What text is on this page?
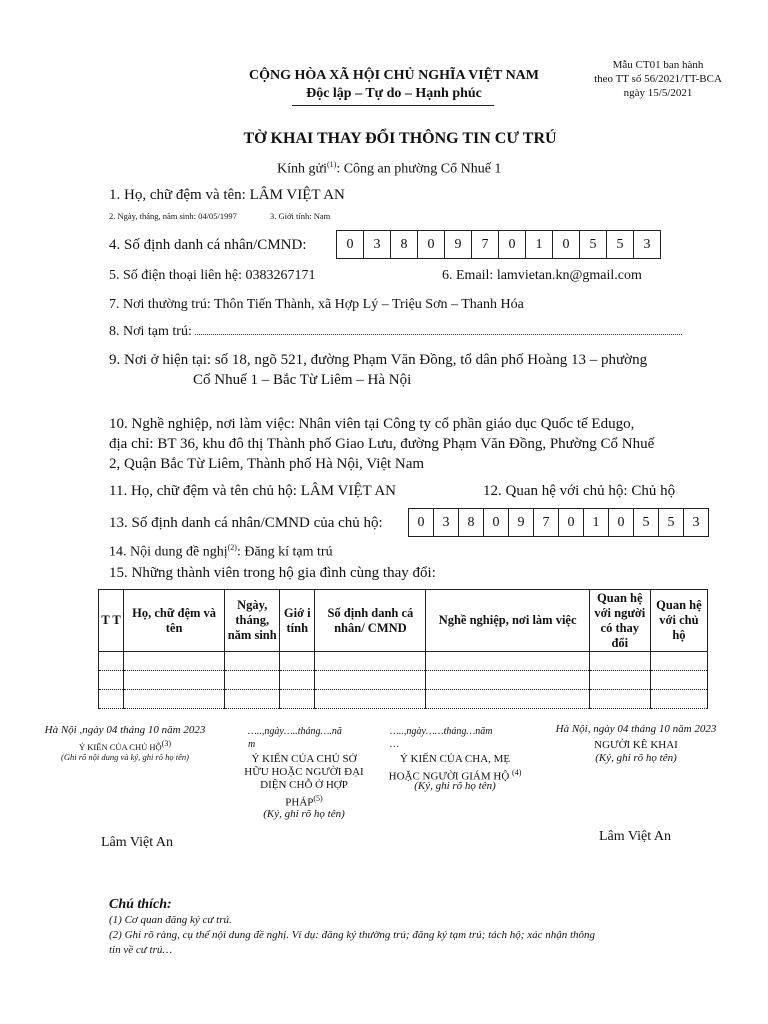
CỘNG HÒA XÃ HỘI CHỦ NGHĨA VIỆT NAM
Độc lập – Tự do – Hạnh phúc
Mẫu CT01 ban hành
theo TT số 56/2021/TT-BCA
ngày 15/5/2021
TỜ KHAI THAY ĐỔI THÔNG TIN CƯ TRÚ
Kính gửi$^{(1)}$: Công an phường Cổ Nhuế 1
1. Họ, chữ đệm và tên: LÂM VIỆT AN
2. Ngày, tháng, năm sinh: 04/05/1997	3. Giới tính: Nam
4. Số định danh cá nhân/CMND:	0	3	8	0	9	7	0	1	0	5	5	3
5. Số điện thoại liên hệ: 0383267171	6. Email: lamvietan.kn@gmail.com
7. Nơi thường trú: Thôn Tiến Thành, xã Hợp Lý – Triệu Sơn – Thanh Hóa
8. Nơi tạm trú:
9. Nơi ở hiện tại: số 18, ngõ 521, đường Phạm Văn Đồng, tổ dân phố Hoàng 13 – phường
Cổ Nhuế 1 – Bắc Từ Liêm – Hà Nội
10. Nghề nghiệp, nơi làm việc: Nhân viên tại Công ty cổ phần giáo dục Quốc tế Edugo,
địa chỉ: BT 36, khu đô thị Thành phố Giao Lưu, đường Phạm Văn Đồng, Phường Cổ Nhuế
2, Quận Bắc Từ Liêm, Thành phố Hà Nội, Việt Nam
11. Họ, chữ đệm và tên chủ hộ: LÂM VIỆT AN	12. Quan hệ với chủ hộ: Chủ hộ
13. Số định danh cá nhân/CMND của chủ hộ: 0	3	8	0	9	7	0	1	0	5	5	3
14. Nội dung đề nghị$^{(2)}$: Đăng kí tạm trú
15. Những thành viên trong hộ gia đình cùng thay đổi:
T T	Họ, chữ đệm và tên	Ngày, tháng, năm sinh	Giớ i tính	Số định danh cá nhân/ CMND	Nghề nghiệp, nơi làm việc	Quan hệ với người có thay đổi	Quan hệ với chủ hộ

Hà Nội ,ngày 04 tháng 10 năm 2023
Ý KIẾN CỦA CHỦ HỘ$^{(3)}$
(Ghi rõ nội dung và ký, ghi rõ họ tên)
Lâm Việt An
…..,ngày…..tháng….nă
m
Ý KIẾN CỦA CHỦ SỞ
HỮU HOẶC NGƯỜI ĐẠI
DIỆN CHỖ Ở HỢP
PHÁP$^{(5)}$
(Ký, ghi rõ họ tên)
…..,ngày……tháng…năm
…
Ý KIẾN CỦA CHA, MẸ
HOẶC NGƯỜI GIÁM HỘ $^{(4)}$
(Ký, ghi rõ họ tên)
Hà Nội, ngày 04 tháng 10 năm 2023
NGƯỜI KÊ KHAI
(Ký, ghi rõ họ tên)
Lâm Việt An
Chú thích:
(1) Cơ quan đăng ký cư trú.
(2) Ghi rõ ràng, cụ thể nội dung đề nghị. Ví dụ: đăng ký thường trú; đăng ký tạm trú; tách hộ; xác nhận thông
tin về cư trú…
